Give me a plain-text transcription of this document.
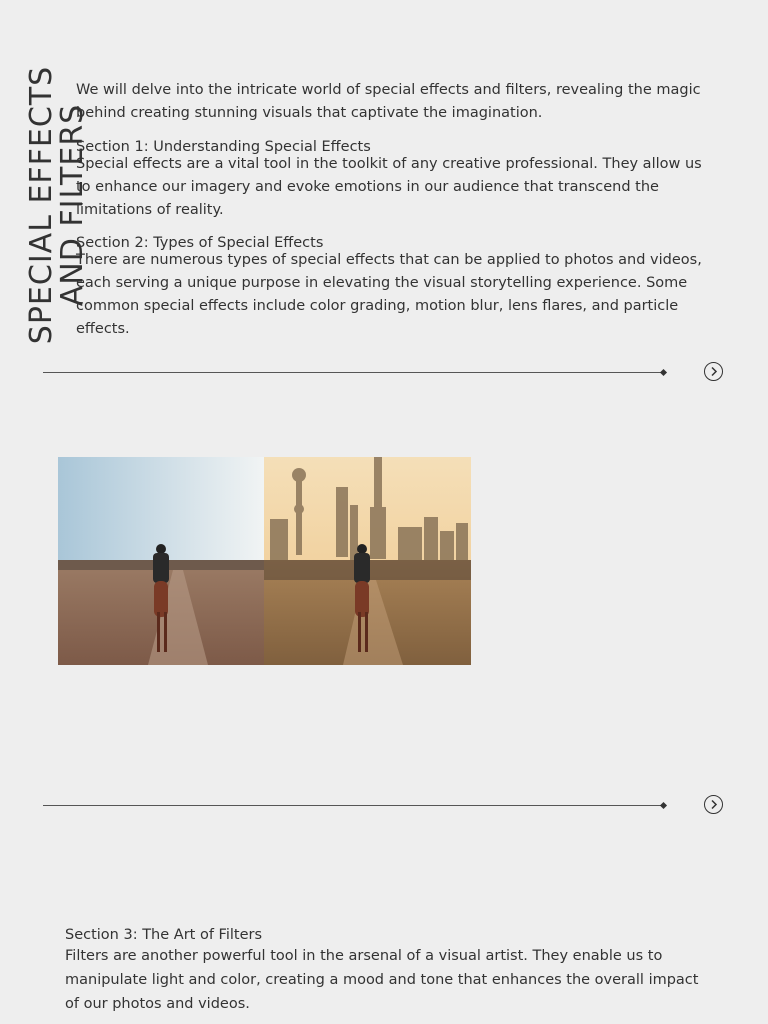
SPECIAL EFFECTS
AND FILTERS
We will delve into the intricate world of special effects and filters, revealing the magic behind creating stunning visuals that captivate the imagination.
Section 1: Understanding Special Effects
Special effects are a vital tool in the toolkit of any creative professional. They allow us to enhance our imagery and evoke emotions in our audience that transcend the limitations of reality.
Section 2: Types of Special Effects
There are numerous types of special effects that can be applied to photos and videos, each serving a unique purpose in elevating the visual storytelling experience. Some common special effects include color grading, motion blur, lens flares, and particle effects.
Section 3: The Art of Filters
Filters are another powerful tool in the arsenal of a visual artist. They enable us to manipulate light and color, creating a mood and tone that enhances the overall impact of our photos and videos.
